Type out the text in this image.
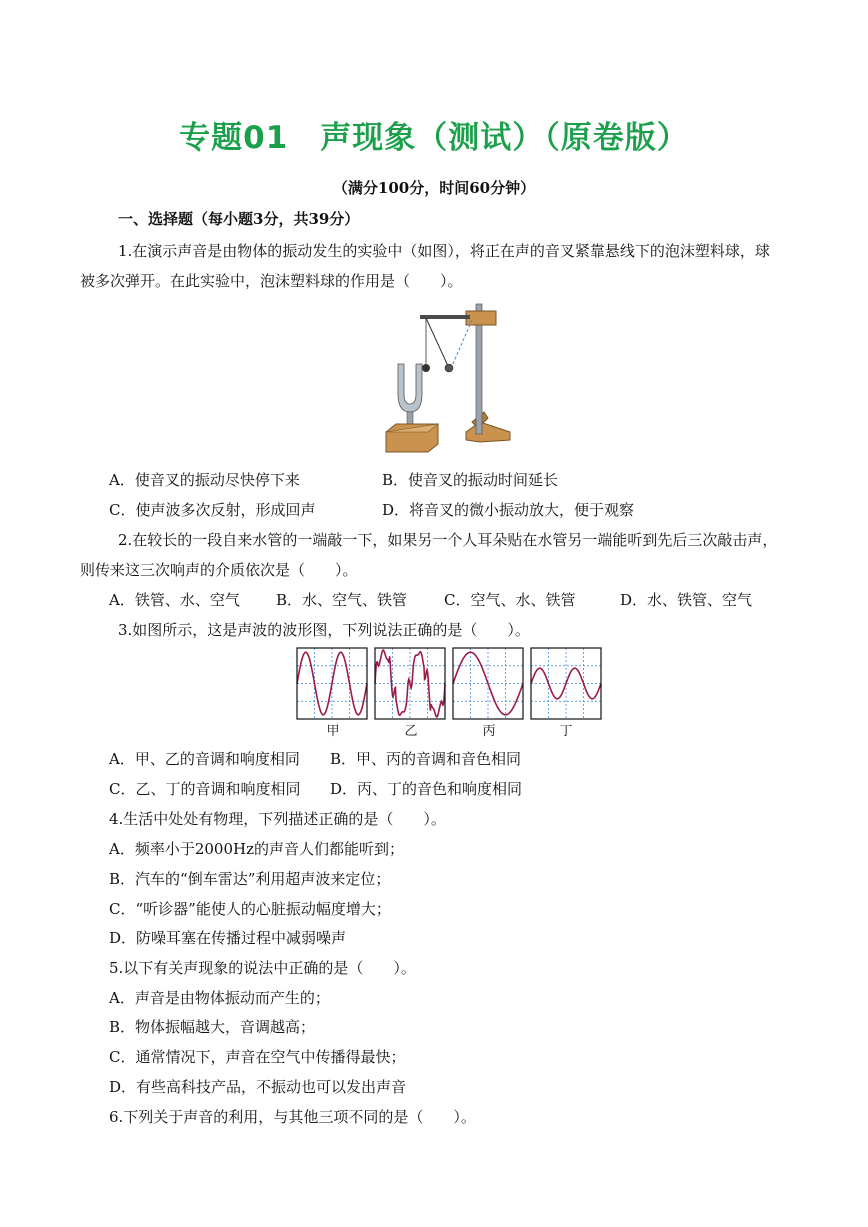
专题01　声现象（测试）（原卷版）
（满分100分，时间60分钟）
一、选择题（每小题3分，共39分）
1.在演示声音是由物体的振动发生的实验中（如图），将正在声的音叉紧靠悬线下的泡沫塑料球，球
被多次弹开。在此实验中，泡沫塑料球的作用是（　　）。
A．使音叉的振动尽快停下来	B．使音叉的振动时间延长
C．使声波多次反射，形成回声	D．将音叉的微小振动放大，便于观察
2.在较长的一段自来水管的一端敲一下，如果另一个人耳朵贴在水管另一端能听到先后三次敲击声，
则传来这三次响声的介质依次是（　　）。
A．铁管、水、空气 B．水、空气、铁管 C．空气、水、铁管	D．水、铁管、空气
3.如图所示，这是声波的波形图，下列说法正确的是（　　）。
甲	乙	丙	丁
A．甲、乙的音调和响度相同 B．甲、丙的音调和音色相同
C．乙、丁的音调和响度相同 D．丙、丁的音色和响度相同
4.生活中处处有物理，下列描述正确的是（　　）。
A．频率小于2000Hz的声音人们都能听到；
B．汽车的“倒车雷达”利用超声波来定位；
C．“听诊器”能使人的心脏振动幅度增大；
D．防噪耳塞在传播过程中减弱噪声
5.以下有关声现象的说法中正确的是（　　）。
A．声音是由物体振动而产生的；
B．物体振幅越大，音调越高；
C．通常情况下，声音在空气中传播得最快；
D．有些高科技产品，不振动也可以发出声音
6.下列关于声音的利用，与其他三项不同的是（　　）。
